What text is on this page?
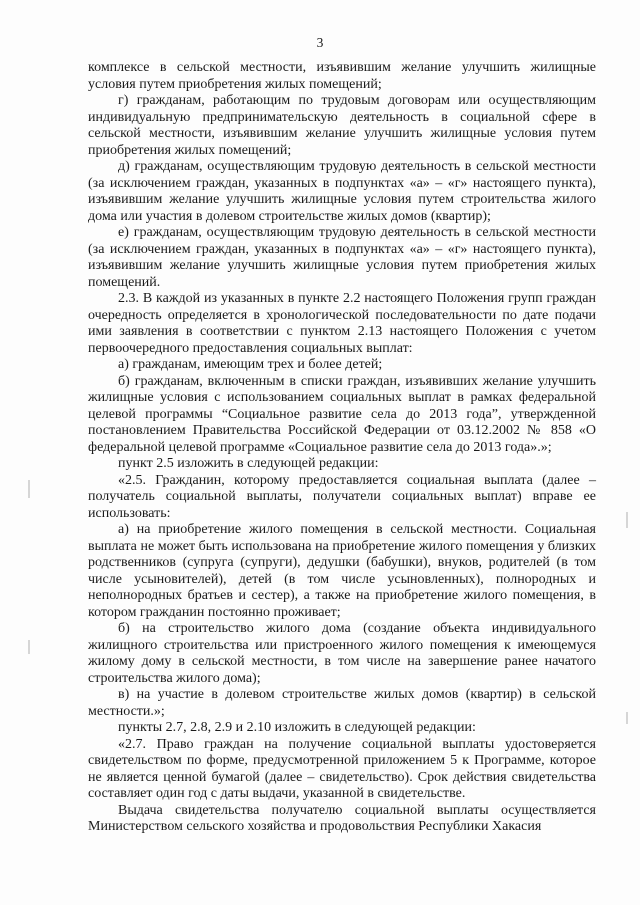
3

комплексе в сельской местности, изъявившим желание улучшить жилищные условия путем приобретения жилых помещений;

г) гражданам, работающим по трудовым договорам или осуществляющим индивидуальную предпринимательскую деятельность в социальной сфере в сельской местности, изъявившим желание улучшить жилищные условия путем приобретения жилых помещений;

д) гражданам, осуществляющим трудовую деятельность в сельской местности (за исключением граждан, указанных в подпунктах «а» – «г» настоящего пункта), изъявившим желание улучшить жилищные условия путем строительства жилого дома или участия в долевом строительстве жилых домов (квартир);

е) гражданам, осуществляющим трудовую деятельность в сельской местности (за исключением граждан, указанных в подпунктах «а» – «г» настоящего пункта), изъявившим желание улучшить жилищные условия путем приобретения жилых помещений.

2.3. В каждой из указанных в пункте 2.2 настоящего Положения групп граждан очередность определяется в хронологической последовательности по дате подачи ими заявления в соответствии с пунктом 2.13 настоящего Положения с учетом первоочередного предоставления социальных выплат:

а) гражданам, имеющим трех и более детей;

б) гражданам, включенным в списки граждан, изъявивших желание улучшить жилищные условия с использованием социальных выплат в рамках федеральной целевой программы “Социальное развитие села до 2013 года”, утвержденной постановлением Правительства Российской Федерации от 03.12.2002 № 858 «О федеральной целевой программе «Социальное развитие села до 2013 года».»;

пункт 2.5 изложить в следующей редакции:

«2.5. Гражданин, которому предоставляется социальная выплата (далее – получатель социальной выплаты, получатели социальных выплат) вправе ее использовать:

а) на приобретение жилого помещения в сельской местности. Социальная выплата не может быть использована на приобретение жилого помещения у близких родственников (супруга (супруги), дедушки (бабушки), внуков, родителей (в том числе усыновителей), детей (в том числе усыновленных), полнородных и неполнородных братьев и сестер), а также на приобретение жилого помещения, в котором гражданин постоянно проживает;

б) на строительство жилого дома (создание объекта индивидуального жилищного строительства или пристроенного жилого помещения к имеющемуся жилому дому в сельской местности, в том числе на завершение ранее начатого строительства жилого дома);

в) на участие в долевом строительстве жилых домов (квартир) в сельской местности.»;

пункты 2.7, 2.8, 2.9 и 2.10 изложить в следующей редакции:

«2.7. Право граждан на получение социальной выплаты удостоверяется свидетельством по форме, предусмотренной приложением 5 к Программе, которое не является ценной бумагой (далее – свидетельство). Срок действия свидетельства составляет один год с даты выдачи, указанной в свидетельстве.

Выдача свидетельства получателю социальной выплаты осуществляется Министерством сельского хозяйства и продовольствия Республики Хакасия
